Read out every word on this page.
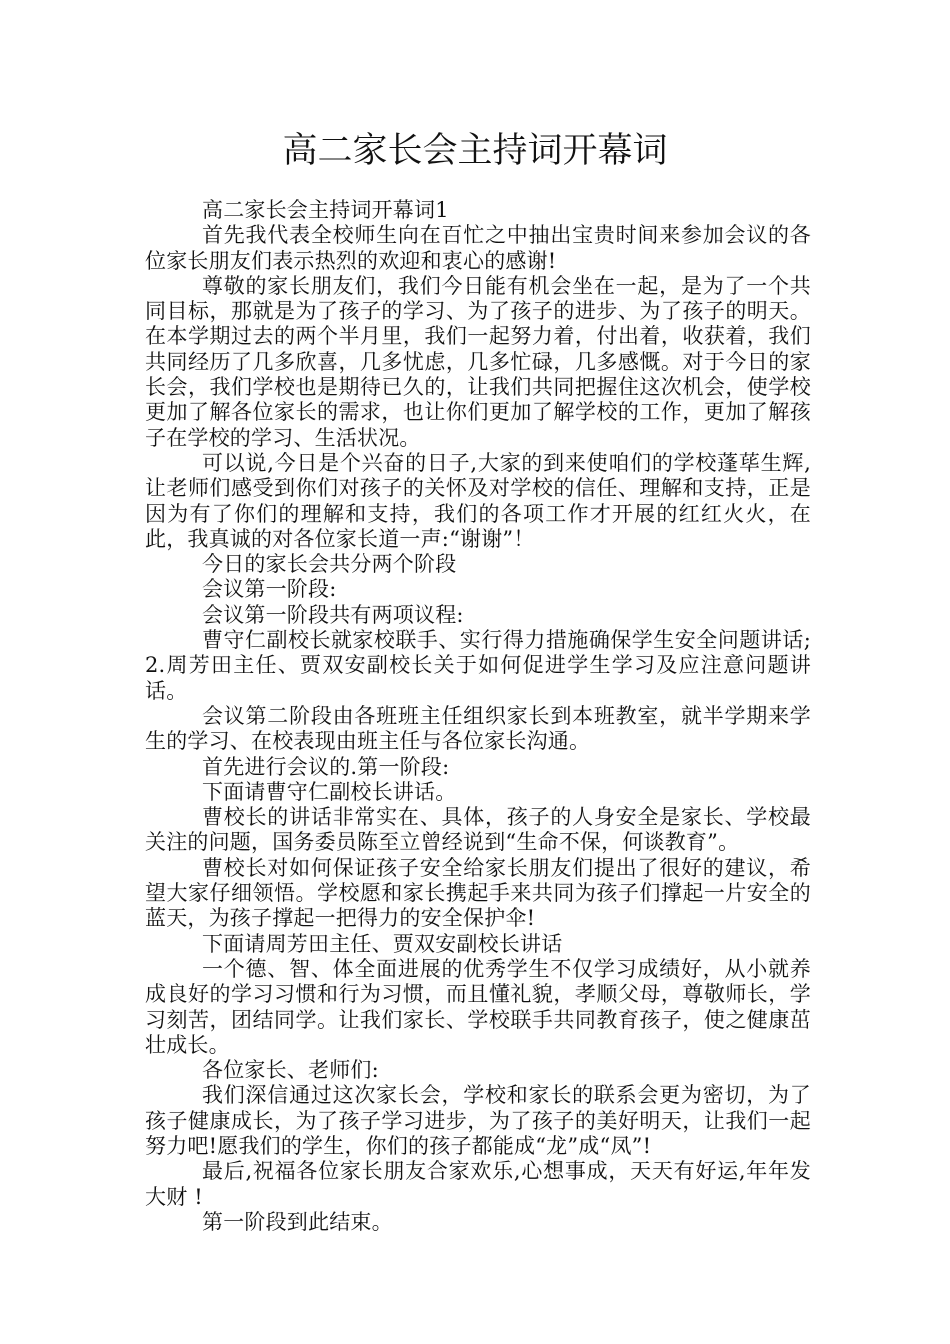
高二家长会主持词开幕词

高二家长会主持词开幕词1

首先我代表全校师生向在百忙之中抽出宝贵时间来参加会议的各位家长朋友们表示热烈的欢迎和衷心的感谢!

尊敬的家长朋友们，我们今日能有机会坐在一起，是为了一个共同目标，那就是为了孩子的学习、为了孩子的进步、为了孩子的明天。在本学期过去的两个半月里，我们一起努力着，付出着，收获着，我们共同经历了几多欣喜，几多忧虑，几多忙碌，几多感慨。对于今日的家长会，我们学校也是期待已久的，让我们共同把握住这次机会，使学校更加了解各位家长的需求，也让你们更加了解学校的工作，更加了解孩子在学校的学习、生活状况。

可以说,今日是个兴奋的日子,大家的到来使咱们的学校蓬荜生辉,让老师们感受到你们对孩子的关怀及对学校的信任、理解和支持，正是因为有了你们的理解和支持，我们的各项工作才开展的红红火火，在此，我真诚的对各位家长道一声:“谢谢”！

今日的家长会共分两个阶段

会议第一阶段:

会议第一阶段共有两项议程:

曹守仁副校长就家校联手、实行得力措施确保学生安全问题讲话;2.周芳田主任、贾双安副校长关于如何促进学生学习及应注意问题讲话。

会议第二阶段由各班班主任组织家长到本班教室，就半学期来学生的学习、在校表现由班主任与各位家长沟通。

首先进行会议的.第一阶段:

下面请曹守仁副校长讲话。

曹校长的讲话非常实在、具体，孩子的人身安全是家长、学校最关注的问题，国务委员陈至立曾经说到“生命不保，何谈教育”。

曹校长对如何保证孩子安全给家长朋友们提出了很好的建议，希望大家仔细领悟。学校愿和家长携起手来共同为孩子们撑起一片安全的蓝天，为孩子撑起一把得力的安全保护伞!

下面请周芳田主任、贾双安副校长讲话

一个德、智、体全面进展的优秀学生不仅学习成绩好，从小就养成良好的学习习惯和行为习惯，而且懂礼貌，孝顺父母，尊敬师长，学习刻苦，团结同学。让我们家长、学校联手共同教育孩子，使之健康茁壮成长。

各位家长、老师们:

我们深信通过这次家长会，学校和家长的联系会更为密切，为了孩子健康成长，为了孩子学习进步，为了孩子的美好明天，让我们一起努力吧!愿我们的学生，你们的孩子都能成“龙”成“凤”!

最后,祝福各位家长朋友合家欢乐,心想事成，天天有好运,年年发大财 !

第一阶段到此结束。
